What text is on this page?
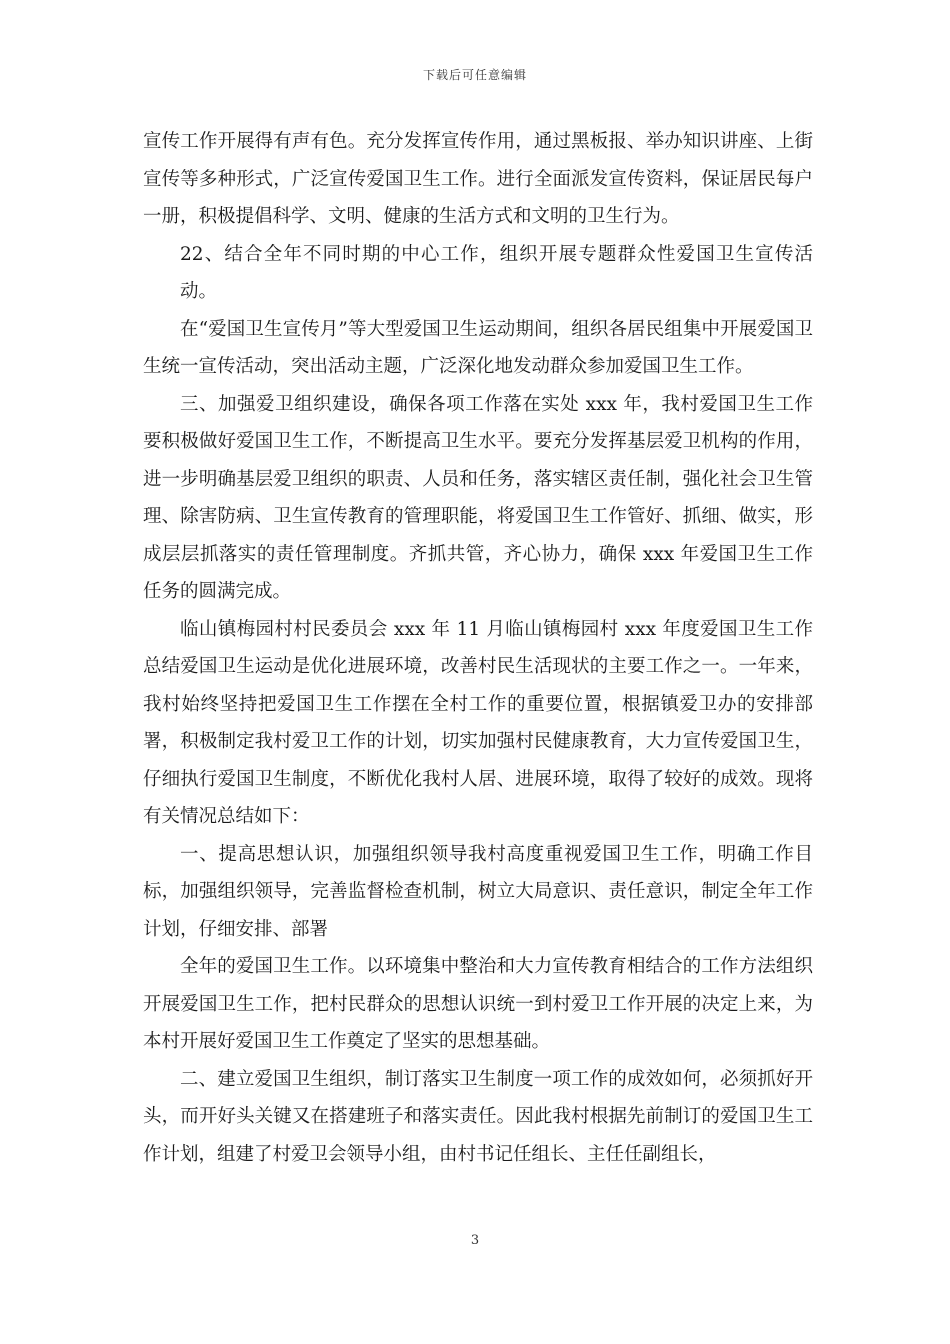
下载后可任意编辑

宣传工作开展得有声有色。充分发挥宣传作用，通过黑板报、举办知识讲座、上街宣传等多种形式，广泛宣传爱国卫生工作。进行全面派发宣传资料，保证居民每户一册，积极提倡科学、文明、健康的生活方式和文明的卫生行为。

22、结合全年不同时期的中心工作，组织开展专题群众性爱国卫生宣传活动。

在“爱国卫生宣传月”等大型爱国卫生运动期间，组织各居民组集中开展爱国卫生统一宣传活动，突出活动主题，广泛深化地发动群众参加爱国卫生工作。

三、加强爱卫组织建设，确保各项工作落在实处 xxx 年，我村爱国卫生工作要积极做好爱国卫生工作，不断提高卫生水平。要充分发挥基层爱卫机构的作用，进一步明确基层爱卫组织的职责、人员和任务，落实辖区责任制，强化社会卫生管理、除害防病、卫生宣传教育的管理职能，将爱国卫生工作管好、抓细、做实，形成层层抓落实的责任管理制度。齐抓共管，齐心协力，确保 xxx 年爱国卫生工作任务的圆满完成。

临山镇梅园村村民委员会 xxx 年 11 月临山镇梅园村 xxx 年度爱国卫生工作总结爱国卫生运动是优化进展环境，改善村民生活现状的主要工作之一。一年来，我村始终坚持把爱国卫生工作摆在全村工作的重要位置，根据镇爱卫办的安排部署，积极制定我村爱卫工作的计划，切实加强村民健康教育，大力宣传爱国卫生，仔细执行爱国卫生制度，不断优化我村人居、进展环境，取得了较好的成效。现将有关情况总结如下：

一、提高思想认识，加强组织领导我村高度重视爱国卫生工作，明确工作目标，加强组织领导，完善监督检查机制，树立大局意识、责任意识，制定全年工作计划，仔细安排、部署

全年的爱国卫生工作。以环境集中整治和大力宣传教育相结合的工作方法组织开展爱国卫生工作，把村民群众的思想认识统一到村爱卫工作开展的决定上来，为本村开展好爱国卫生工作奠定了坚实的思想基础。

二、建立爱国卫生组织，制订落实卫生制度一项工作的成效如何，必须抓好开头，而开好头关键又在搭建班子和落实责任。因此我村根据先前制订的爱国卫生工作计划，组建了村爱卫会领导小组，由村书记任组长、主任任副组长，

3
